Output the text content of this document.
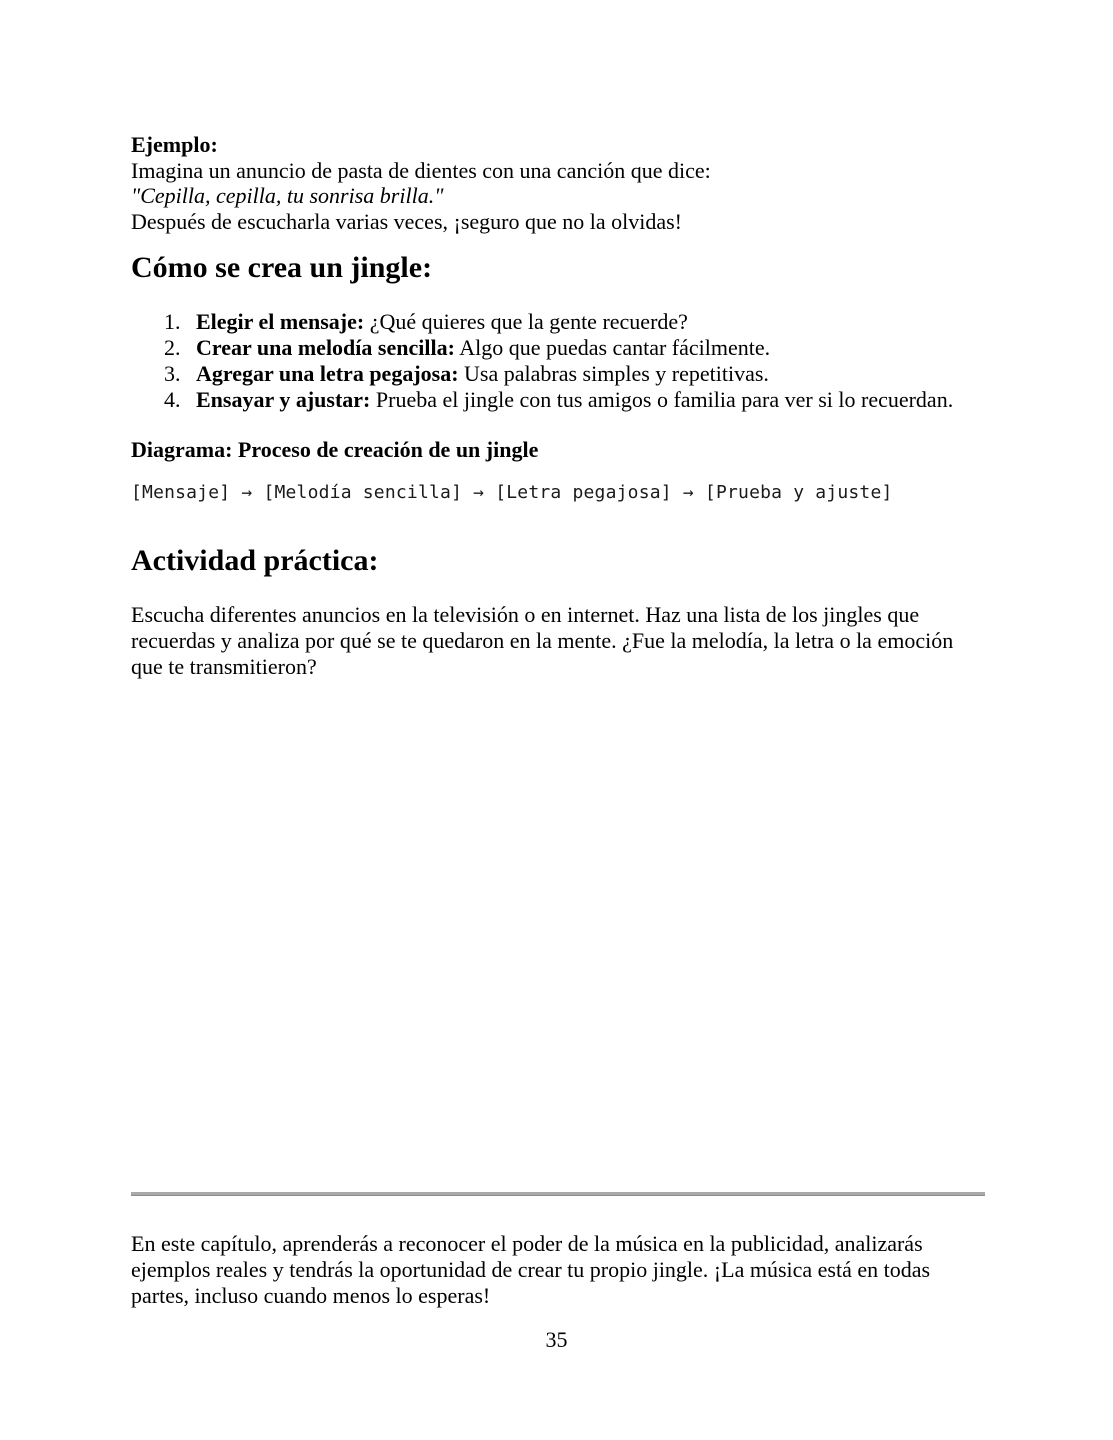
Ejemplo:
Imagina un anuncio de pasta de dientes con una canción que dice:
"Cepilla, cepilla, tu sonrisa brilla."
Después de escucharla varias veces, ¡seguro que no la olvidas!
Cómo se crea un jingle:
1. Elegir el mensaje: ¿Qué quieres que la gente recuerde?
2. Crear una melodía sencilla: Algo que puedas cantar fácilmente.
3. Agregar una letra pegajosa: Usa palabras simples y repetitivas.
4. Ensayar y ajustar: Prueba el jingle con tus amigos o familia para ver si lo recuerdan.
Diagrama: Proceso de creación de un jingle
[Mensaje] → [Melodía sencilla] → [Letra pegajosa] → [Prueba y ajuste]
Actividad práctica:
Escucha diferentes anuncios en la televisión o en internet. Haz una lista de los jingles que
recuerdas y analiza por qué se te quedaron en la mente. ¿Fue la melodía, la letra o la emoción
que te transmitieron?
En este capítulo, aprenderás a reconocer el poder de la música en la publicidad, analizarás
ejemplos reales y tendrás la oportunidad de crear tu propio jingle. ¡La música está en todas
partes, incluso cuando menos lo esperas!
35
